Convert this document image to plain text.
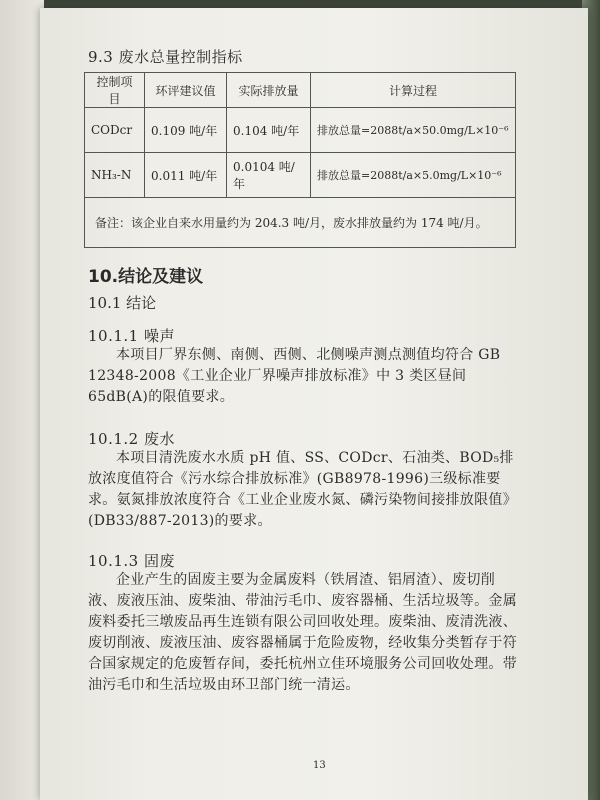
9.3 废水总量控制指标
控制项目	环评建议值	实际排放量	计算过程
CODcr	0.109 吨/年	0.104 吨/年	排放总量=2088t/a×50.0mg/L×10⁻⁶
NH₃-N	0.011 吨/年	0.0104 吨/年	排放总量=2088t/a×5.0mg/L×10⁻⁶
备注：该企业自来水用量约为 204.3 吨/月，废水排放量约为 174 吨/月。			
10.结论及建议
10.1 结论
10.1.1 噪声

本项目厂界东侧、南侧、西侧、北侧噪声测点测值均符合 GB 12348-2008《工业企业厂界噪声排放标准》中 3 类区昼间 65dB(A)的限值要求。

10.1.2 废水

本项目清洗废水水质 pH 值、SS、CODcr、石油类、BOD₅排放浓度值符合《污水综合排放标准》(GB8978-1996)三级标准要求。氨氮排放浓度符合《工业企业废水氮、磷污染物间接排放限值》(DB33/887-2013)的要求。

10.1.3 固废

企业产生的固废主要为金属废料（铁屑渣、铝屑渣）、废切削液、废液压油、废柴油、带油污毛巾、废容器桶、生活垃圾等。金属废料委托三墩废品再生连锁有限公司回收处理。废柴油、废清洗液、废切削液、废液压油、废容器桶属于危险废物，经收集分类暂存于符合国家规定的危废暂存间，委托杭州立佳环境服务公司回收处理。带油污毛巾和生活垃圾由环卫部门统一清运。

13
